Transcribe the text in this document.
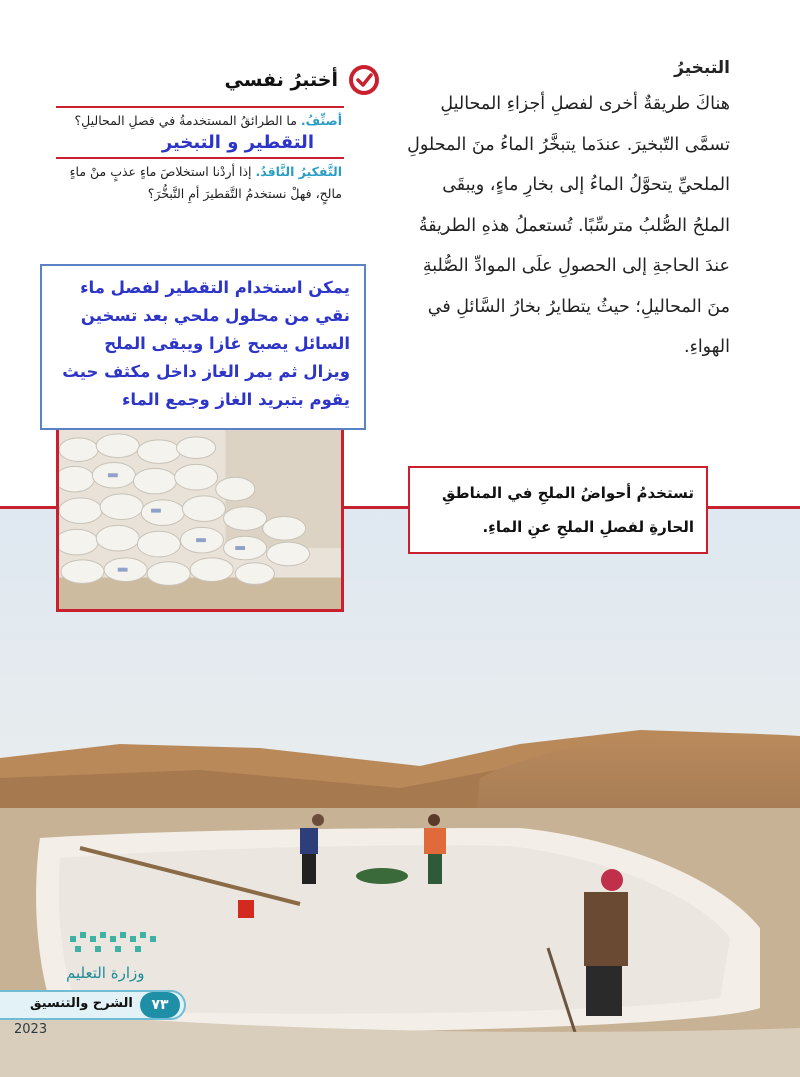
التبخيرُ

هناكَ طريقةٌ أخرى لفصلِ أجزاءِ المحاليلِ تسمَّى التّبخيرَ. عندَما يتبخَّرُ الماءُ منَ المحلولِ الملحيِّ يتحوَّلُ الماءُ إلى بخارِ ماءٍ، ويبقَى الملحُ الصُّلبُ مترسِّبًا. تُستعملُ هذهِ الطريقةُ عندَ الحاجةِ إلى الحصولِ علَى الموادِّ الصُّلبةِ منَ المحاليلِ؛ حيثُ يتطايرُ بخارُ السَّائلِ في الهواءِ.

أختبرُ نفسي
أصنِّفُ. ما الطرائقُ المستخدمةُ في فصلِ المحاليلِ؟ التقطير و التبخير
التَّفكيرُ النَّاقدُ. إذا أردْنا استخلاصَ ماءٍ عذبٍ منْ ماءٍ مالحٍ، فهلْ نستخدمُ التَّقطيرَ أمِ التَّبخُّرَ؟
يمكن استخدام التقطير لفصل ماء نقي من محلول ملحي بعد تسخين السائل يصبح غازا ويبقى الملح ويزال ثم يمر الغاز داخل مكثف حيث يقوم بتبريد الغاز وجمع الماء
تستخدمُ أحواضُ الملحِ في المناطقِ الحارةِ لفصلِ الملحِ عنِ الماءِ.
وزارة التعليم
الشرح والتنسيق	٧٣
2023
